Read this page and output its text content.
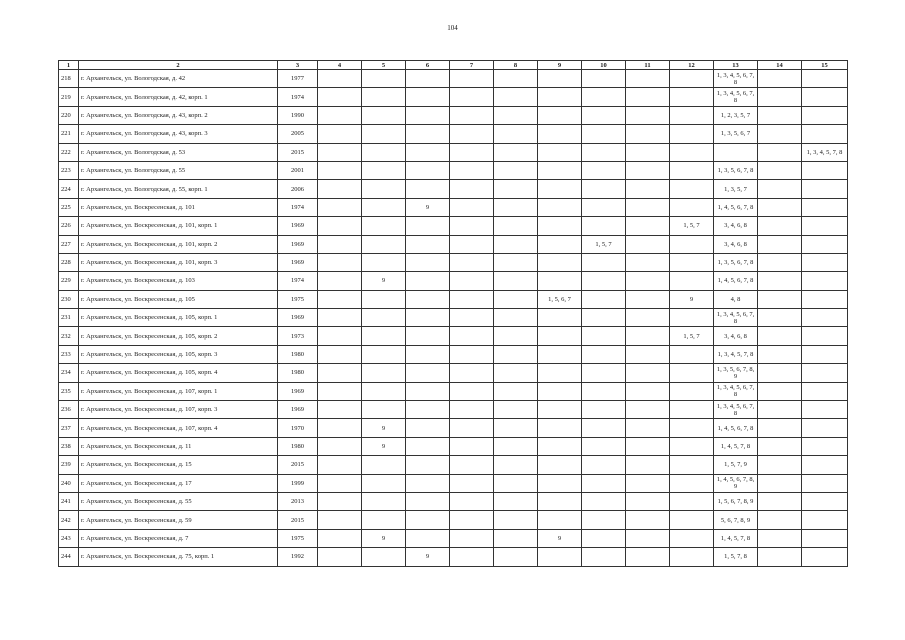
104
1	2	3	4	5	6	7	8	9	10	11	12	13	14	15
218	г. Архангельск, ул. Вологодская, д. 42	1977										1, 3, 4, 5, 6, 7, 8		
219	г. Архангельск, ул. Вологодская, д. 42, корп. 1	1974										1, 3, 4, 5, 6, 7, 8		
220	г. Архангельск, ул. Вологодская, д. 43, корп. 2	1990										1, 2, 3, 5, 7		
221	г. Архангельск, ул. Вологодская, д. 43, корп. 3	2005										1, 3, 5, 6, 7		
222	г. Архангельск, ул. Вологодская, д. 53	2015												1, 3, 4, 5, 7, 8
223	г. Архангельск, ул. Вологодская, д. 55	2001										1, 3, 5, 6, 7, 8		
224	г. Архангельск, ул. Вологодская, д. 55, корп. 1	2006										1, 3, 5, 7		
225	г. Архангельск, ул. Воскресенская, д. 101	1974			9							1, 4, 5, 6, 7, 8		
226	г. Архангельск, ул. Воскресенская, д. 101, корп. 1	1969									1, 5, 7	3, 4, 6, 8		
227	г. Архангельск, ул. Воскресенская, д. 101, корп. 2	1969							1, 5, 7			3, 4, 6, 8		
228	г. Архангельск, ул. Воскресенская, д. 101, корп. 3	1969										1, 3, 5, 6, 7, 8		
229	г. Архангельск, ул. Воскресенская, д. 103	1974		9								1, 4, 5, 6, 7, 8		
230	г. Архангельск, ул. Воскресенская, д. 105	1975						1, 5, 6, 7			9	4, 8		
231	г. Архангельск, ул. Воскресенская, д. 105, корп. 1	1969										1, 3, 4, 5, 6, 7, 8		
232	г. Архангельск, ул. Воскресенская, д. 105, корп. 2	1973									1, 5, 7	3, 4, 6, 8		
233	г. Архангельск, ул. Воскресенская, д. 105, корп. 3	1980										1, 3, 4, 5, 7, 8		
234	г. Архангельск, ул. Воскресенская, д. 105, корп. 4	1980										1, 3, 5, 6, 7, 8, 9		
235	г. Архангельск, ул. Воскресенская, д. 107, корп. 1	1969										1, 3, 4, 5, 6, 7, 8		
236	г. Архангельск, ул. Воскресенская, д. 107, корп. 3	1969										1, 3, 4, 5, 6, 7, 8		
237	г. Архангельск, ул. Воскресенская, д. 107, корп. 4	1970		9								1, 4, 5, 6, 7, 8		
238	г. Архангельск, ул. Воскресенская, д. 11	1980		9								1, 4, 5, 7, 8		
239	г. Архангельск, ул. Воскресенская, д. 15	2015										1, 5, 7, 9		
240	г. Архангельск, ул. Воскресенская, д. 17	1999										1, 4, 5, 6, 7, 8, 9		
241	г. Архангельск, ул. Воскресенская, д. 55	2013										1, 5, 6, 7, 8, 9		
242	г. Архангельск, ул. Воскресенская, д. 59	2015										5, 6, 7, 8, 9		
243	г. Архангельск, ул. Воскресенская, д. 7	1975		9				9				1, 4, 5, 7, 8		
244	г. Архангельск, ул. Воскресенская, д. 75, корп. 1	1992			9							1, 5, 7, 8		
